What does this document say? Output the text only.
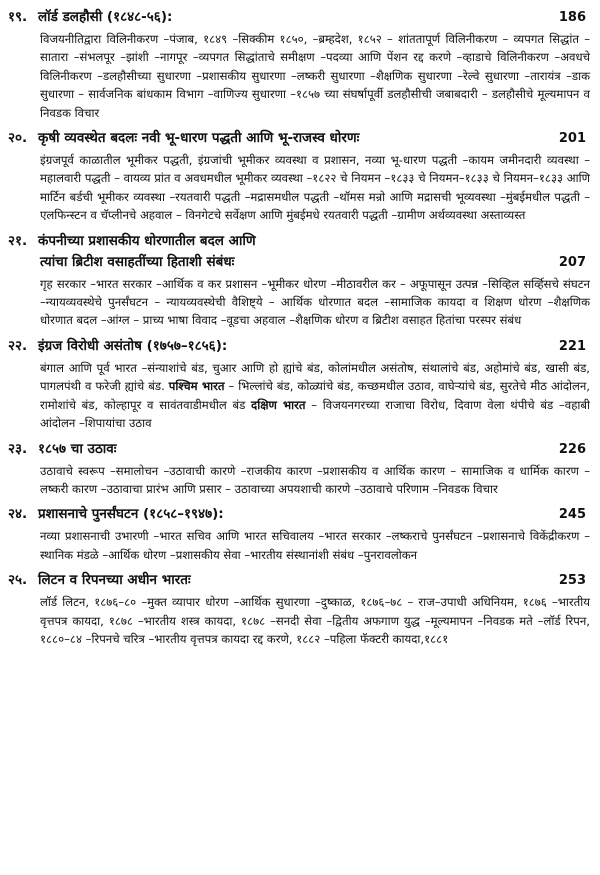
१९. लॉर्ड डलहौसी (१८४८-५६):	186
विजयनीतिद्वारा विलिनीकरण –पंजाब, १८४९ –सिक्कीम १८५०, –ब्रम्हदेश, १८५२ – शांततापूर्ण विलिनीकरण – व्यपगत सिद्धांत –सातारा –संभलपूर –झांशी –नागपूर –व्यपगत सिद्धांताचे समीक्षण –पदव्या आणि पेंशन रद्द करणे –व्हाडाचे विलिनीकरण –अवधचे विलिनीकरण –डलहौसीच्या सुधारणा –प्रशासकीय सुधारणा –लष्करी सुधारणा –शैक्षणिक सुधारणा –रेल्वे सुधारणा –तारायंत्र –डाक सुधारणा – सार्वजनिक बांधकाम विभाग –वाणिज्य सुधारणा –१८५७ च्या संघर्षापूर्वी डलहौसीची जबाबदारी – डलहौसीचे मूल्यमापन व निवडक विचार
२०. कृषी व्यवस्थेत बदलः नवी भू-धारण पद्धती आणि भू-राजस्व धोरणः	201
इंग्रजपूर्व काळातील भूमीकर पद्धती, इंग्रजांची भूमीकर व्यवस्था व प्रशासन, नव्या भू-धारण पद्धती –कायम जमीनदारी व्यवस्था –महालवारी पद्धती – वायव्य प्रांत व अवधमधील भूमीकर व्यवस्था –१८२२ चे नियमन –१८३३ चे नियमन–१८३३ चे नियमन–१८३३ आणि मार्टिन बर्डची भूमीकर व्यवस्था –रयतवारी पद्धती –मद्रासमधील पद्धती –थॉमस मन्रो आणि मद्रासची भूव्यवस्था –मुंबईमधील पद्धती –एलफिन्स्टन व चॅप्लीनचे अहवाल – विनगेटचे सर्वेक्षण आणि मुंबईमधे रयतवारी पद्धती –ग्रामीण अर्थव्यवस्था अस्ताव्यस्त
२१. कंपनीच्या प्रशासकीय धोरणातील बदल आणि
त्यांचा ब्रिटीश वसाहतींच्या हिताशी संबंधः	207
गृह सरकार –भारत सरकार –आर्थिक व कर प्रशासन –भूमीकर धोरण –मीठावरील कर – अफूपासून उत्पन्न –सिव्हिल सर्व्हिसचे संघटन –न्यायव्यवस्थेचे पुनर्संघटन – न्यायव्यवस्थेची वैशिष्ट्ये – आर्थिक धोरणात बदल –सामाजिक कायदा व शिक्षण धोरण –शैक्षणिक धोरणात बदल –आंग्ल – प्राच्य भाषा विवाद –वूडचा अहवाल –शैक्षणिक धोरण व ब्रिटीश वसाहत हितांचा परस्पर संबंध
२२. इंग्रज विरोधी असंतोष (१७५७–१८५६):	221
बंगाल आणि पूर्व भारत –संन्याशांचे बंड, चुआर आणि हो ह्यांचे बंड, कोलांमधील असंतोष, संथालांचे बंड, अहोमांचे बंड, खासी बंड, पागलपंथी व फरेजी ह्यांचे बंड. पश्चिम भारत – भिल्लांचे बंड, कोळ्यांचे बंड, कच्छमधील उठाव, वाघेऱ्यांचे बंड, सुरतेचे मीठ आंदोलन, रामोशांचे बंड, कोल्हापूर व सावंतवाडीमधील बंड दक्षिण भारत – विजयनगरच्या राजाचा विरोध, दिवाण वेला थंपीचे बंड –वहाबी आंदोलन –शिपायांचा उठाव
२३. १८५७ चा उठावः	226
उठावाचे स्वरूप –समालोचन –उठावाची कारणे –राजकीय कारण –प्रशासकीय व आर्थिक कारण – सामाजिक व धार्मिक कारण –लष्करी कारण –उठावाचा प्रारंभ आणि प्रसार – उठावाच्या अपयशाची कारणे –उठावाचे परिणाम –निवडक विचार
२४. प्रशासनाचे पुनर्संघटन (१८५८–१९४७):	245
नव्या प्रशासनाची उभारणी –भारत सचिव आणि भारत सचिवालय –भारत सरकार –लष्कराचे पुनर्संघटन –प्रशासनाचे विकेंद्रीकरण –स्थानिक मंडळे –आर्थिक धोरण –प्रशासकीय सेवा –भारतीय संस्थानांशी संबंध –पुनरावलोकन
२५. लिटन व रिपनच्या अधीन भारतः	253
लॉर्ड लिटन, १८७६–८० –मुक्त व्यापार धोरण –आर्थिक सुधारणा –दुष्काळ, १८७६–७८ – राज–उपाधी अधिनियम, १८७६ –भारतीय वृत्तपत्र कायदा, १८७८ –भारतीय शस्त्र कायदा, १८७८ –सनदी सेवा –द्वितीय अफगाण युद्ध –मूल्यमापन –निवडक मते –लॉर्ड रिपन, १८८०–८४ –रिपनचे चरित्र –भारतीय वृत्तपत्र कायदा रद्द करणे, १८८२ –पहिला फॅक्टरी कायदा,१८८१
